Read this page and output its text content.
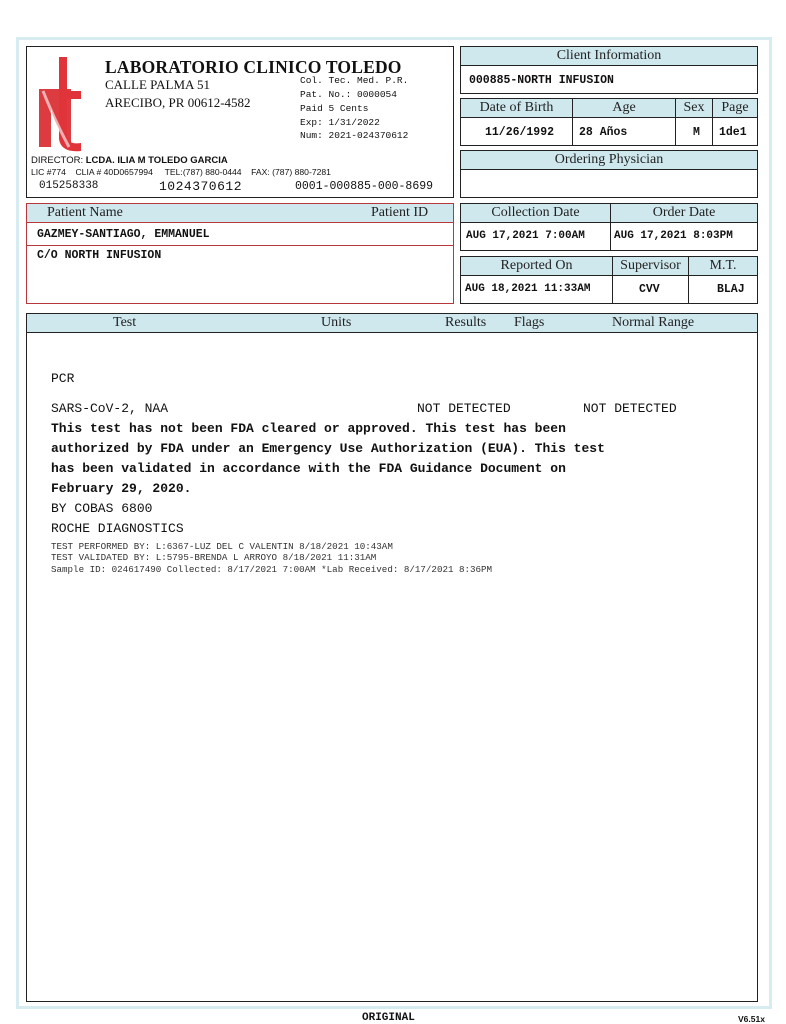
LABORATORIO CLINICO TOLEDO
CALLE PALMA 51
ARECIBO, PR 00612-4582
Col. Tec. Med. P.R.
Pat. No.: 0000054
Paid 5 Cents
Exp: 1/31/2022
Num: 2021-024370612
DIRECTOR: LCDA. ILIA M TOLEDO GARCIA
LIC #774 CLIA # 40D0657994 TEL:(787) 880-0444 FAX: (787) 880-7281
015258338	1024370612	0001-000885-000-8699
Client Information
000885-NORTH INFUSION
Date of Birth	Age	Sex	Page
11/26/1992 28 Años	M 1de1
Ordering Physician
Patient Name	Patient ID
GAZMEY-SANTIAGO, EMMANUEL
C/O NORTH INFUSION
Collection Date	Order Date
AUG 17,2021 7:00AM	AUG 17,2021 8:03PM
Reported On	Supervisor	M.T.
AUG 18,2021 11:33AM	CVV	BLAJ
Test	Units	Results Flags	Normal Range
PCR
SARS-CoV-2, NAA	NOT DETECTED	NOT DETECTED
This test has not been FDA cleared or approved. This test has been
authorized by FDA under an Emergency Use Authorization (EUA). This test
has been validated in accordance with the FDA Guidance Document on
February 29, 2020.
BY COBAS 6800
ROCHE DIAGNOSTICS
TEST PERFORMED BY: L:6367-LUZ DEL C VALENTIN 8/18/2021 10:43AM
TEST VALIDATED BY: L:5795-BRENDA L ARROYO 8/18/2021 11:31AM
Sample ID: 024617490 Collected: 8/17/2021 7:00AM *Lab Received: 8/17/2021 8:36PM
ORIGINAL	V6.51x
